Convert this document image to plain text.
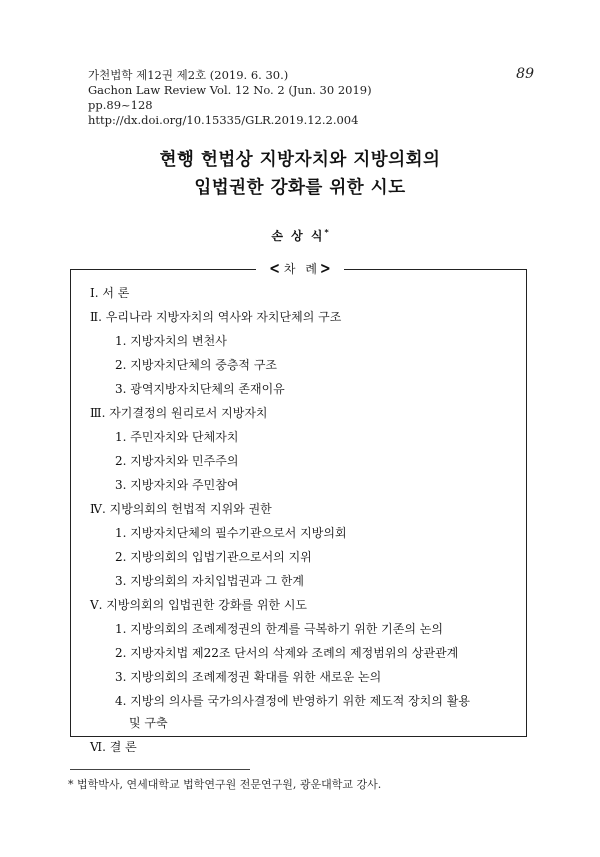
가천법학 제12권 제2호 (2019. 6. 30.)
Gachon Law Review Vol. 12 No. 2 (Jun. 30 2019)
pp.89~128
http://dx.doi.org/10.15335/GLR.2019.12.2.004
89
현행 헌법상 지방자치와 지방의회의
입법권한 강화를 위한 시도
손 상 식*
< 차 례>
Ⅰ. 서 론
Ⅱ. 우리나라 지방자치의 역사와 자치단체의 구조
1. 지방자치의 변천사
2. 지방자치단체의 중층적 구조
3. 광역지방자치단체의 존재이유
Ⅲ. 자기결정의 원리로서 지방자치
1. 주민자치와 단체자치
2. 지방자치와 민주주의
3. 지방자치와 주민참여
Ⅳ. 지방의회의 헌법적 지위와 권한
1. 지방자치단체의 필수기관으로서 지방의회
2. 지방의회의 입법기관으로서의 지위
3. 지방의회의 자치입법권과 그 한계
Ⅴ. 지방의회의 입법권한 강화를 위한 시도
1. 지방의회의 조례제정권의 한계를 극복하기 위한 기존의 논의
2. 지방자치법 제22조 단서의 삭제와 조례의 제정범위의 상관관계
3. 지방의회의 조례제정권 확대를 위한 새로운 논의
4. 지방의 의사를 국가의사결정에 반영하기 위한 제도적 장치의 활용
및 구축
Ⅵ. 결 론
* 법학박사, 연세대학교 법학연구원 전문연구원, 광운대학교 강사.
